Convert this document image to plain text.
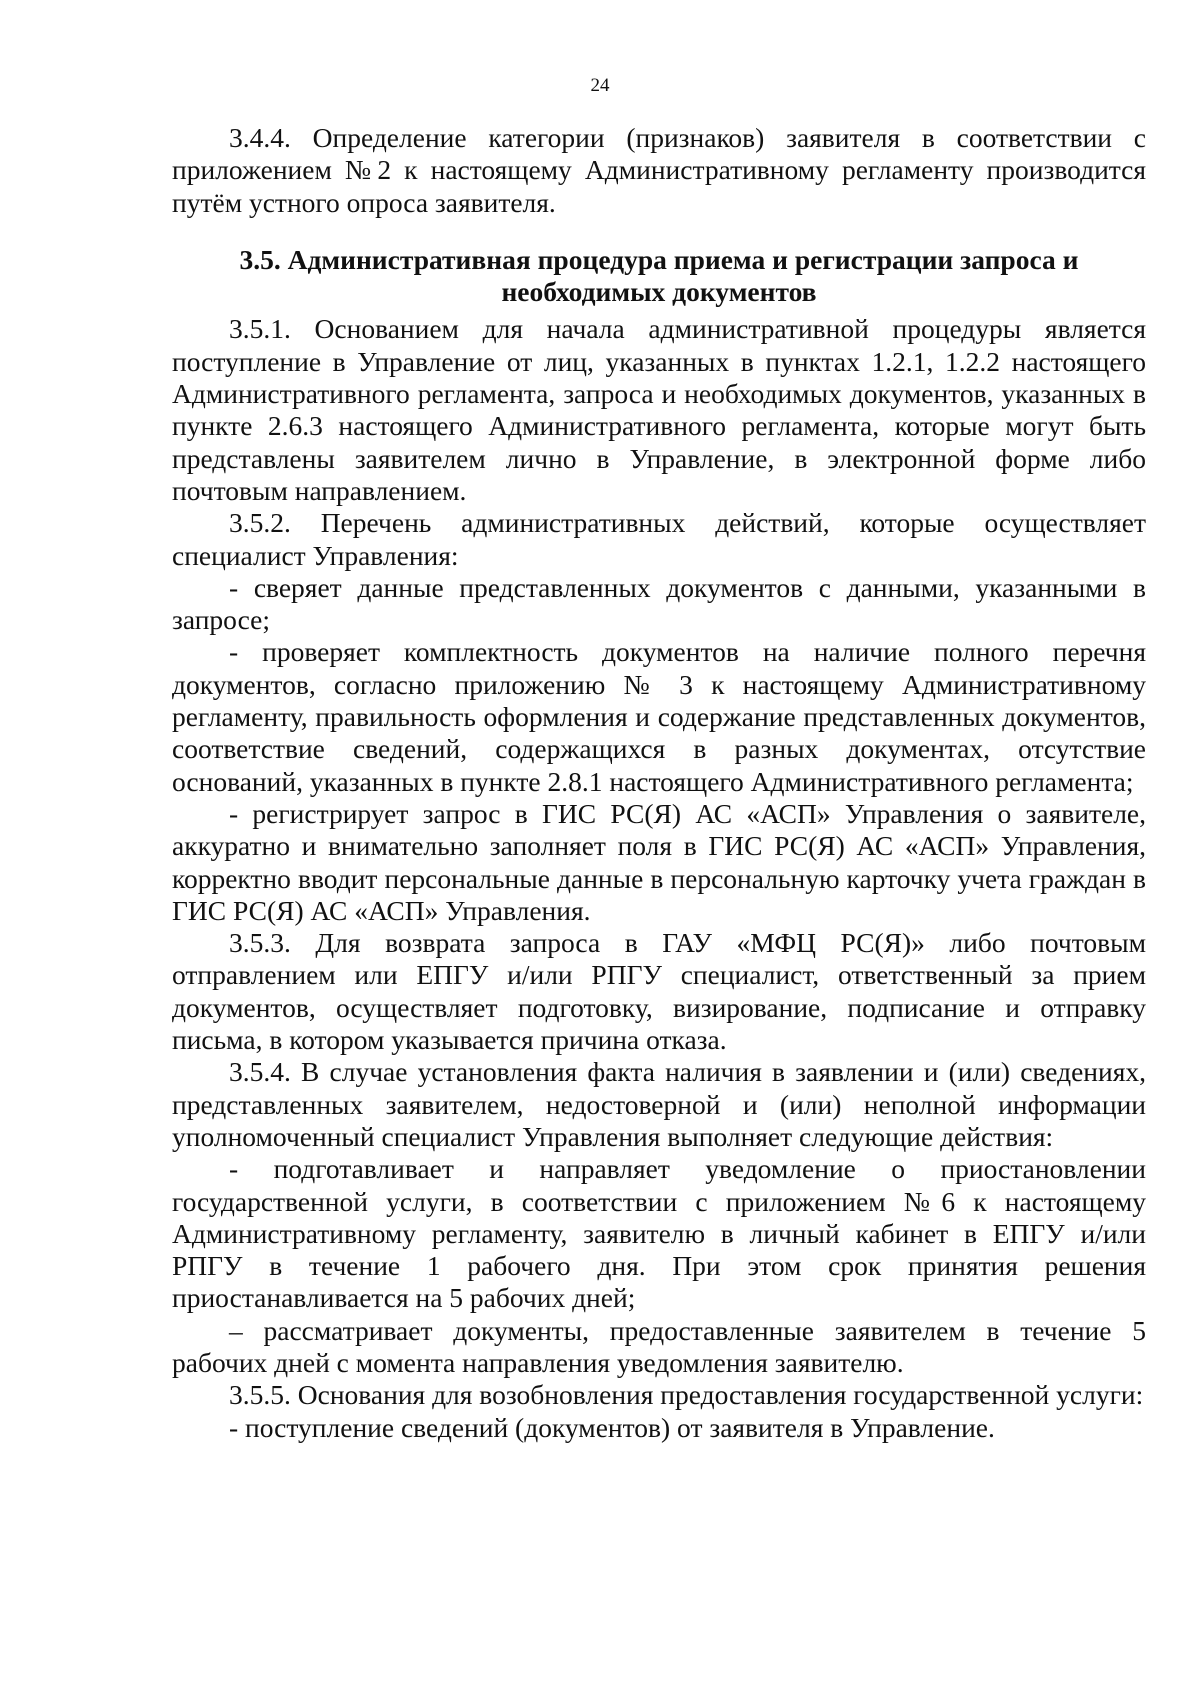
24

3.4.4. Определение категории (признаков) заявителя в соответствии с приложением №2 к настоящему Административному регламенту производится путём устного опроса заявителя.

3.5. Административная процедура приема и регистрации запроса и необходимых документов

3.5.1. Основанием для начала административной процедуры является поступление в Управление от лиц, указанных в пунктах 1.2.1, 1.2.2 настоящего Административного регламента, запроса и необходимых документов, указанных в пункте 2.6.3 настоящего Административного регламента, которые могут быть представлены заявителем лично в Управление, в электронной форме либо почтовым направлением.

3.5.2. Перечень административных действий, которые осуществляет специалист Управления:

- сверяет данные представленных документов с данными, указанными в запросе;

- проверяет комплектность документов на наличие полного перечня документов, согласно приложению № 3 к настоящему Административному регламенту, правильность оформления и содержание представленных документов, соответствие сведений, содержащихся в разных документах, отсутствие оснований, указанных в пункте 2.8.1 настоящего Административного регламента;

- регистрирует запрос в ГИС РС(Я) АС «АСП» Управления о заявителе, аккуратно и внимательно заполняет поля в ГИС РС(Я) АС «АСП» Управления, корректно вводит персональные данные в персональную карточку учета граждан в ГИС РС(Я) АС «АСП» Управления.

3.5.3. Для возврата запроса в ГАУ «МФЦ РС(Я)» либо почтовым отправлением или ЕПГУ и/или РПГУ специалист, ответственный за прием документов, осуществляет подготовку, визирование, подписание и отправку письма, в котором указывается причина отказа.

3.5.4. В случае установления факта наличия в заявлении и (или) сведениях, представленных заявителем, недостоверной и (или) неполной информации уполномоченный специалист Управления выполняет следующие действия:

- подготавливает и направляет уведомление о приостановлении государственной услуги, в соответствии с приложением №6 к настоящему Административному регламенту, заявителю в личный кабинет в ЕПГУ и/или РПГУ в течение 1 рабочего дня. При этом срок принятия решения приостанавливается на 5 рабочих дней;

– рассматривает документы, предоставленные заявителем в течение 5 рабочих дней с момента направления уведомления заявителю.

3.5.5. Основания для возобновления предоставления государственной услуги:

- поступление сведений (документов) от заявителя в Управление.
